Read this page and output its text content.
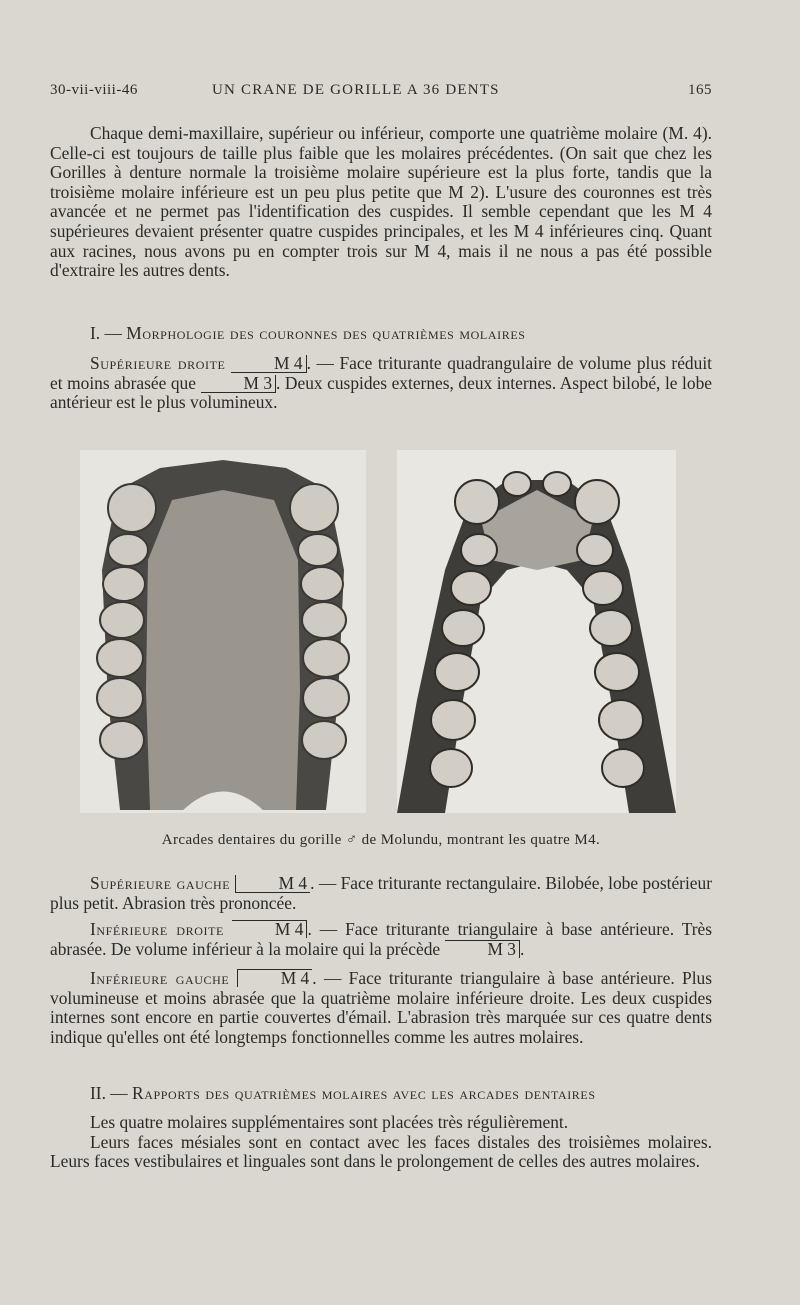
30-vii-viii-46	UN CRANE DE GORILLE A 36 DENTS	165

Chaque demi-maxillaire, supérieur ou inférieur, comporte une quatrième molaire (M. 4). Celle-ci est toujours de taille plus faible que les molaires précédentes. (On sait que chez les Gorilles à denture normale la troisième molaire supérieure est la plus forte, tandis que la troisième molaire inférieure est un peu plus petite que M 2). L'usure des couronnes est très avancée et ne permet pas l'identification des cuspides. Il semble cependant que les M 4 supérieures devaient présenter quatre cuspides principales, et les M 4 inférieures cinq. Quant aux racines, nous avons pu en compter trois sur M 4, mais il ne nous a pas été possible d'extraire les autres dents.

I. — Morphologie des couronnes des quatrièmes molaires

Supérieure droite	M 4 . — Face triturante quadrangulaire de volume plus réduit et moins abrasée que	M 3 . Deux cuspides externes, deux internes. Aspect bilobé, le lobe antérieur est le plus volumineux.

Arcades dentaires du gorille ♂ de Molundu, montrant les quatre M4.

Supérieure gauche	M 4 . — Face triturante rectangulaire. Bilobée, lobe postérieur plus petit. Abrasion très prononcée.

Inférieure droite	M 4 . — Face triturante triangulaire à base antérieure. Très abrasée. De volume inférieur à la molaire qui la précède	M 3 .

Inférieure gauche	M 4 . — Face triturante triangulaire à base antérieure. Plus volumineuse et moins abrasée que la quatrième molaire inférieure droite. Les deux cuspides internes sont encore en partie couvertes d'émail. L'abrasion très marquée sur ces quatre dents indique qu'elles ont été longtemps fonctionnelles comme les autres molaires.

II. — Rapports des quatrièmes molaires avec les arcades dentaires

Les quatre molaires supplémentaires sont placées très régulièrement.

Leurs faces mésiales sont en contact avec les faces distales des troisièmes molaires. Leurs faces vestibulaires et linguales sont dans le prolongement de celles des autres molaires.
